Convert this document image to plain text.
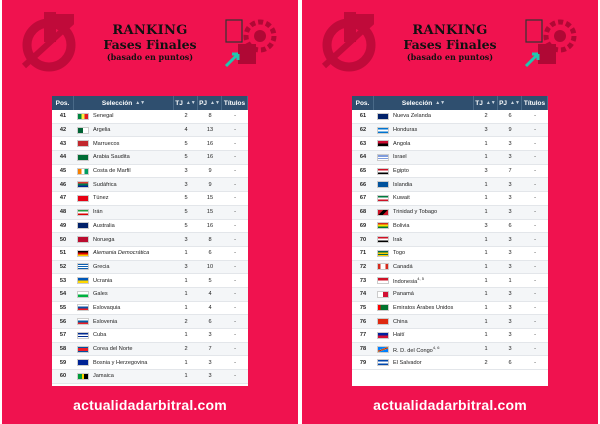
RANKING
Fases Finales
(basado en puntos)
Pos.	Selección ▲▼	TJ ▲▼ PJ ▲▼ Títulos
41	Senegal	2	8	-
42	Argelia	4	13	-
43	Marruecos	5	16	-
44	Arabia Saudita	5	16	-
45	Costa de Marfil	3	9	-
46	Sudáfrica	3	9	-
47	Túnez	5	15	-
48	Irán	5	15	-
49	Australia	5	16	-
50	Noruega	3	8	-
51	Alemania Democrática	1	6	-
52	Grecia	3	10	-
53	Ucrania	1	5	-
54	Gales	1	4	-
55	Eslovaquia	1	4	-
56	Eslovenia	2	6	-
57	Cuba	1	3	-
58	Corea del Norte	2	7	-
59	Bosnia y Herzegovina	1	3	-
60	Jamaica	1	3	-
actualidadarbitral.com
RANKING
Fases Finales
(basado en puntos)
Pos.	Selección ▲▼	TJ ▲▼ PJ ▲▼ Títulos
61	Nueva Zelanda	2	6	-
62	Honduras	3	9	-
63	Angola	1	3	-
64	Israel	1	3	-
65	Egipto	3	7	-
66	Islandia	1	3	-
67	Kuwait	1	3	-
68	Trinidad y Tobago	1	3	-
69	Bolivia	3	6	-
70	Irak	1	3	-
71	Togo	1	3	-
72	Canadá	1	3	-
73	Indonesia$^{4, 5}$	1	1	-
74	Panamá	1	3	-
75	Emiratos Árabes Unidos	1	3	-
76	China	1	3	-
77	Haití	1	3	-
78	R. D. del Congo$^{4, 6}$	1	3	-
79	El Salvador	2	6	-
actualidadarbitral.com
